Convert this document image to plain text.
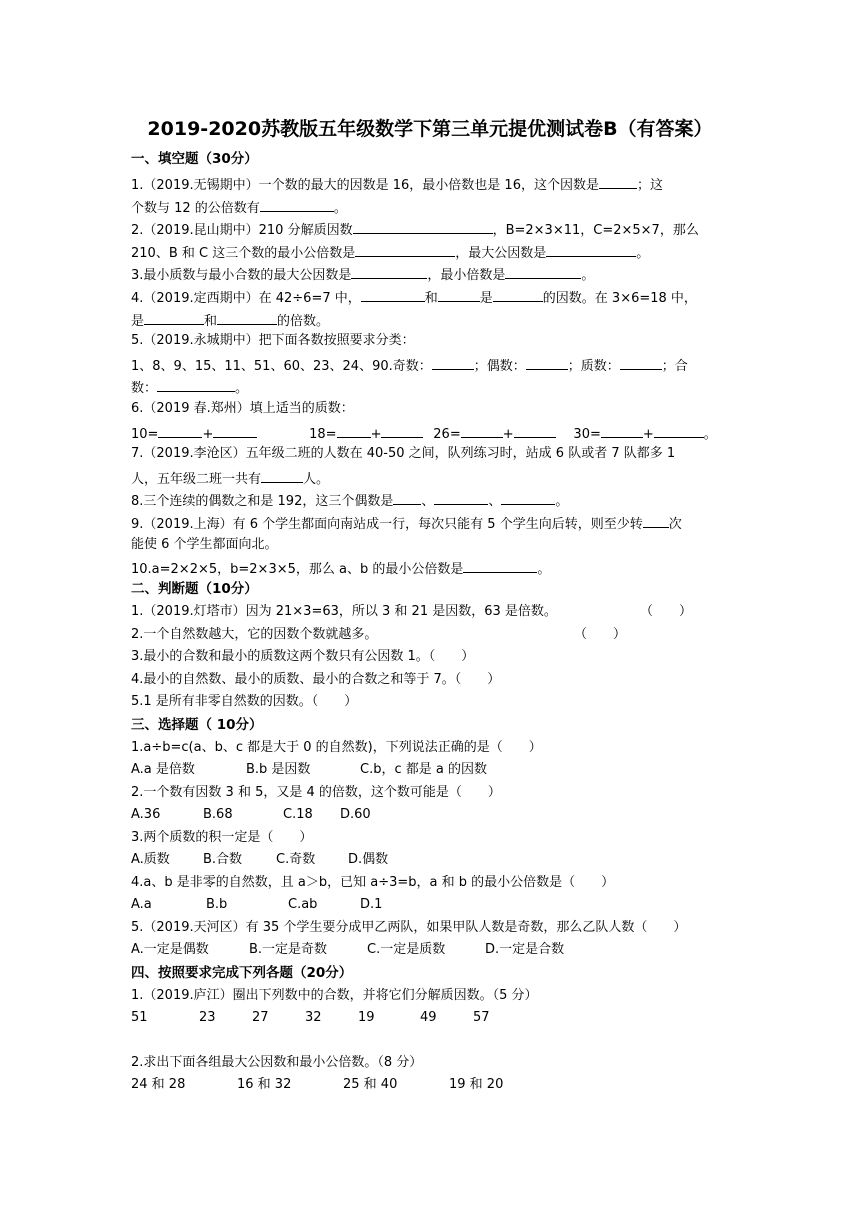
2019-2020苏教版五年级数学下第三单元提优测试卷B（有答案）
一、填空题（30分）
1.（2019.无锡期中）一个数的最大的因数是 16，最小倍数也是 16，这个因数是	；这
个数与 12 的公倍数有	。
2.（2019.昆山期中）210 分解质因数	，B=2×3×11，C=2×5×7，那么
210、B 和 C 这三个数的最小公倍数是	，最大公因数是	。
3.最小质数与最小合数的最大公因数是	，最小倍数是	。
4.（2019.定西期中）在 42÷6=7 中，	和	是	的因数。在 3×6=18 中，
是	和	的倍数。
5.（2019.永城期中）把下面各数按照要求分类：
1、8、9、15、11、51、60、23、24、90.奇数：	；偶数：	；质数：	；合
数：	。
6.（2019 春.郑州）填上适当的质数：
10=	+	18=	+	26=	+	30=	+	。
7.（2019.李沧区）五年级二班的人数在 40-50 之间，队列练习时，站成 6 队或者 7 队都多 1
人，五年级二班一共有	人。
8.三个连续的偶数之和是 192，这三个偶数是 、	、	。
9.（2019.上海）有 6 个学生都面向南站成一行，每次只能有 5 个学生向后转，则至少转 次
能使 6 个学生都面向北。
10.a=2×2×5，b=2×3×5，那么 a、b 的最小公倍数是	。
二、判断题（10分）
1.（2019.灯塔市）因为 21×3=63，所以 3 和 21 是因数，63 是倍数。	（　　）
2.一个自然数越大，它的因数个数就越多。	（　　）
3.最小的合数和最小的质数这两个数只有公因数 1。（　　）
4.最小的自然数、最小的质数、最小的合数之和等于 7。（　　）
5.1 是所有非零自然数的因数。（　　）
三、选择题（ 10分）
1.a÷b=c(a、b、c 都是大于 0 的自然数)，下列说法正确的是（　　）
A.a 是倍数	B.b 是因数	C.b，c 都是 a 的因数
2.一个数有因数 3 和 5，又是 4 的倍数，这个数可能是（　　）
A.36	B.68	C.18 D.60
3.两个质数的积一定是（　　）
A.质数	B.合数	C.奇数	D.偶数
4.a、b 是非零的自然数，且 a＞b，已知 a÷3=b，a 和 b 的最小公倍数是（　　）
A.a	B.b	C.ab	D.1
5.（2019.天河区）有 35 个学生要分成甲乙两队，如果甲队人数是奇数，那么乙队人数（　　）
A.一定是偶数	B.一定是奇数	C.一定是质数	D.一定是合数
四、按照要求完成下列各题（20分）
1.（2019.庐江）圈出下列数中的合数，并将它们分解质因数。（5 分）
51	23	27	32	19	49	57
2.求出下面各组最大公因数和最小公倍数。（8 分）
24 和 28	16 和 32	25 和 40	19 和 20
